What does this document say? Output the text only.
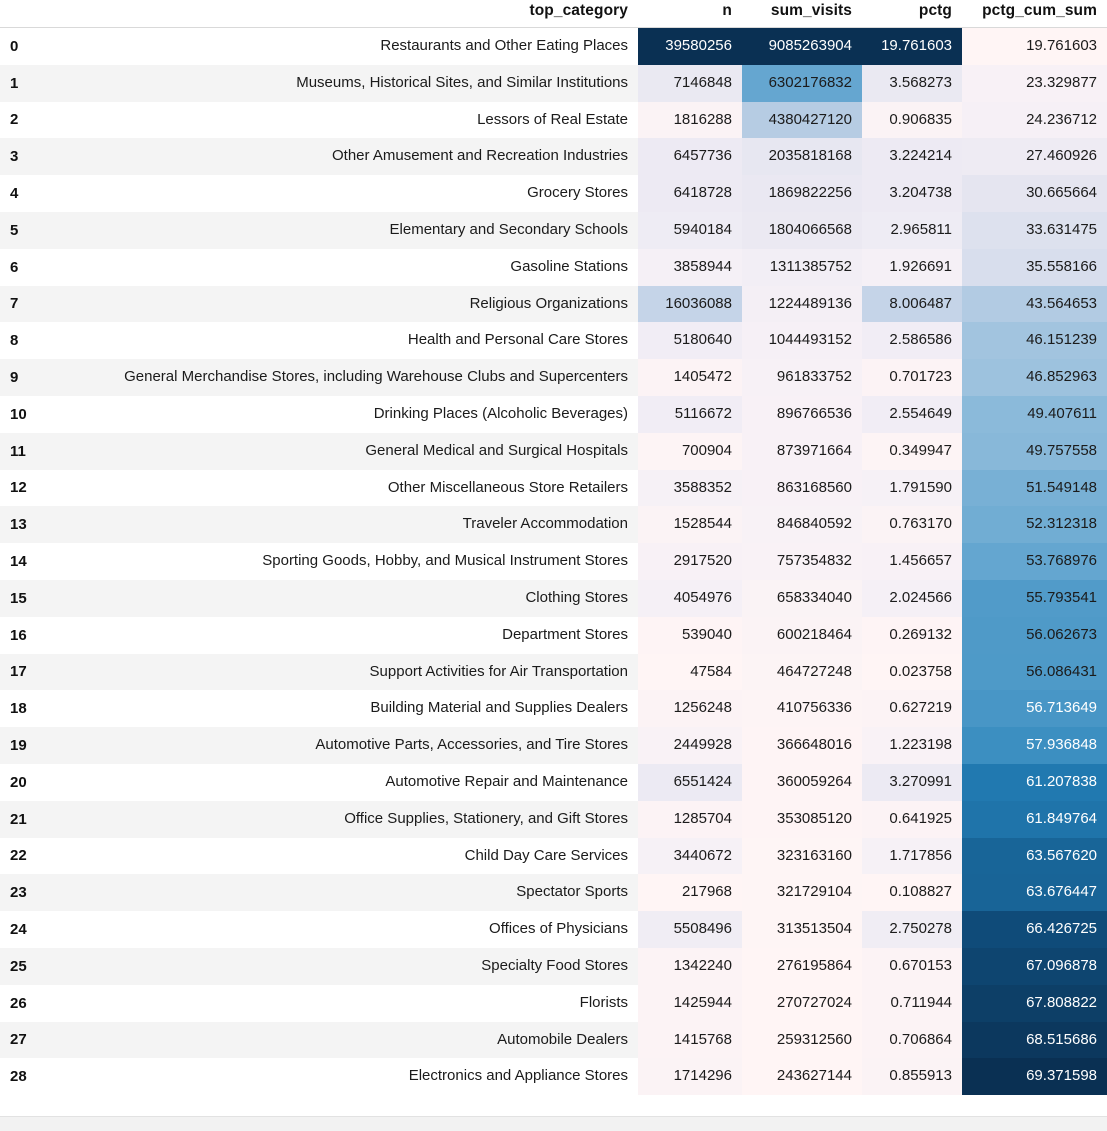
	top_category	n	sum_visits	pctg	pctg_cum_sum
0	Restaurants and Other Eating Places	39580256	9085263904	19.761603	19.761603
1	Museums, Historical Sites, and Similar Institutions	7146848	6302176832	3.568273	23.329877
2	Lessors of Real Estate	1816288	4380427120	0.906835	24.236712
3	Other Amusement and Recreation Industries	6457736	2035818168	3.224214	27.460926
4	Grocery Stores	6418728	1869822256	3.204738	30.665664
5	Elementary and Secondary Schools	5940184	1804066568	2.965811	33.631475
6	Gasoline Stations	3858944	1311385752	1.926691	35.558166
7	Religious Organizations	16036088	1224489136	8.006487	43.564653
8	Health and Personal Care Stores	5180640	1044493152	2.586586	46.151239
9	General Merchandise Stores, including Warehouse Clubs and Supercenters	1405472	961833752	0.701723	46.852963
10	Drinking Places (Alcoholic Beverages)	5116672	896766536	2.554649	49.407611
11	General Medical and Surgical Hospitals	700904	873971664	0.349947	49.757558
12	Other Miscellaneous Store Retailers	3588352	863168560	1.791590	51.549148
13	Traveler Accommodation	1528544	846840592	0.763170	52.312318
14	Sporting Goods, Hobby, and Musical Instrument Stores	2917520	757354832	1.456657	53.768976
15	Clothing Stores	4054976	658334040	2.024566	55.793541
16	Department Stores	539040	600218464	0.269132	56.062673
17	Support Activities for Air Transportation	47584	464727248	0.023758	56.086431
18	Building Material and Supplies Dealers	1256248	410756336	0.627219	56.713649
19	Automotive Parts, Accessories, and Tire Stores	2449928	366648016	1.223198	57.936848
20	Automotive Repair and Maintenance	6551424	360059264	3.270991	61.207838
21	Office Supplies, Stationery, and Gift Stores	1285704	353085120	0.641925	61.849764
22	Child Day Care Services	3440672	323163160	1.717856	63.567620
23	Spectator Sports	217968	321729104	0.108827	63.676447
24	Offices of Physicians	5508496	313513504	2.750278	66.426725
25	Specialty Food Stores	1342240	276195864	0.670153	67.096878
26	Florists	1425944	270727024	0.711944	67.808822
27	Automobile Dealers	1415768	259312560	0.706864	68.515686
28	Electronics and Appliance Stores	1714296	243627144	0.855913	69.371598
